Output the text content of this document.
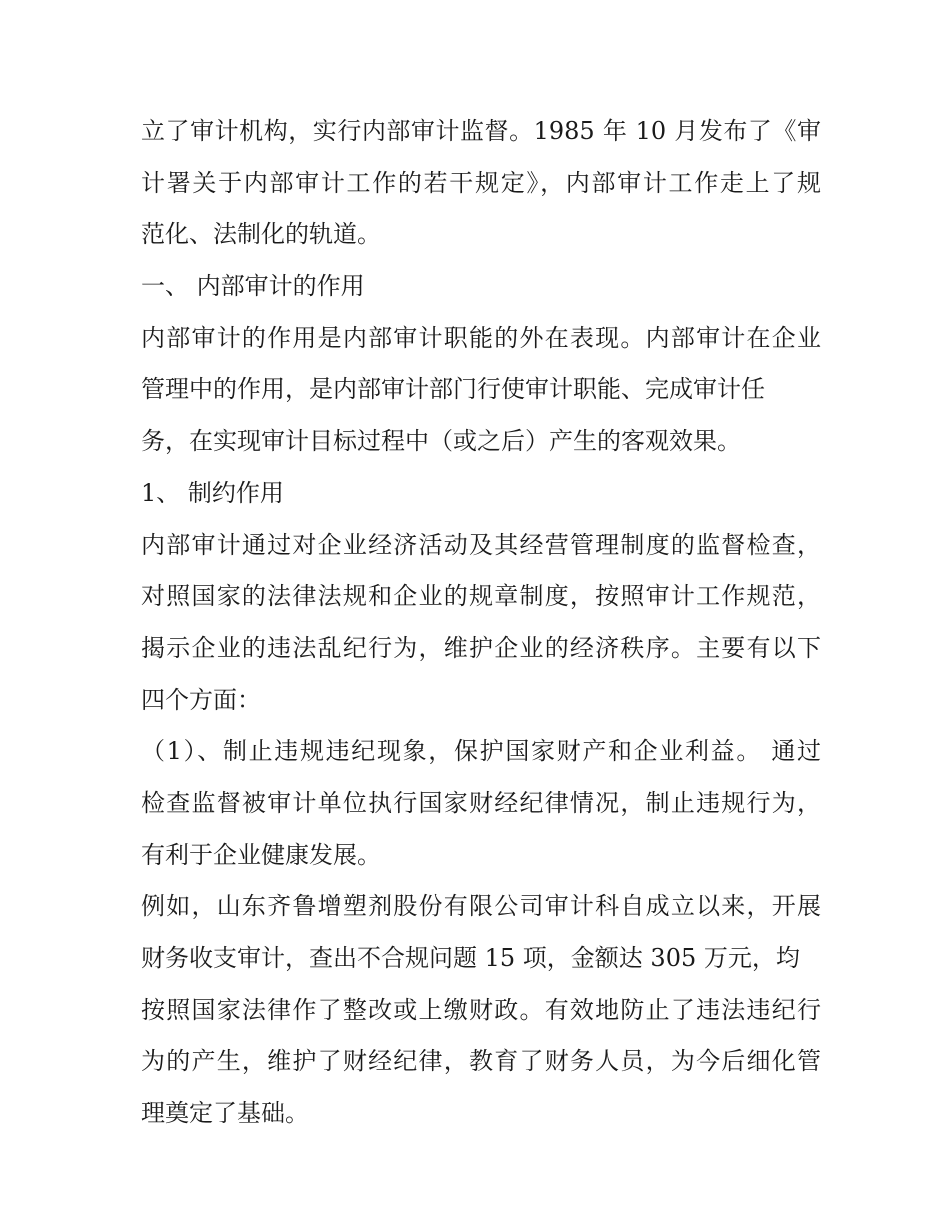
立了审计机构，实行内部审计监督。1985 年 10 月发布了《审
计署关于内部审计工作的若干规定》，内部审计工作走上了规
范化、法制化的轨道。
一、 内部审计的作用
内部审计的作用是内部审计职能的外在表现。内部审计在企业
管理中的作用，是内部审计部门行使审计职能、完成审计任
务，在实现审计目标过程中（或之后）产生的客观效果。
1、 制约作用
内部审计通过对企业经济活动及其经营管理制度的监督检查，
对照国家的法律法规和企业的规章制度，按照审计工作规范，
揭示企业的违法乱纪行为，维护企业的经济秩序。主要有以下
四个方面：
（1）、制止违规违纪现象，保护国家财产和企业利益。 通过
检查监督被审计单位执行国家财经纪律情况，制止违规行为，
有利于企业健康发展。
例如，山东齐鲁增塑剂股份有限公司审计科自成立以来，开展
财务收支审计，查出不合规问题 15 项，金额达 305 万元，均
按照国家法律作了整改或上缴财政。有效地防止了违法违纪行
为的产生，维护了财经纪律，教育了财务人员，为今后细化管
理奠定了基础。
